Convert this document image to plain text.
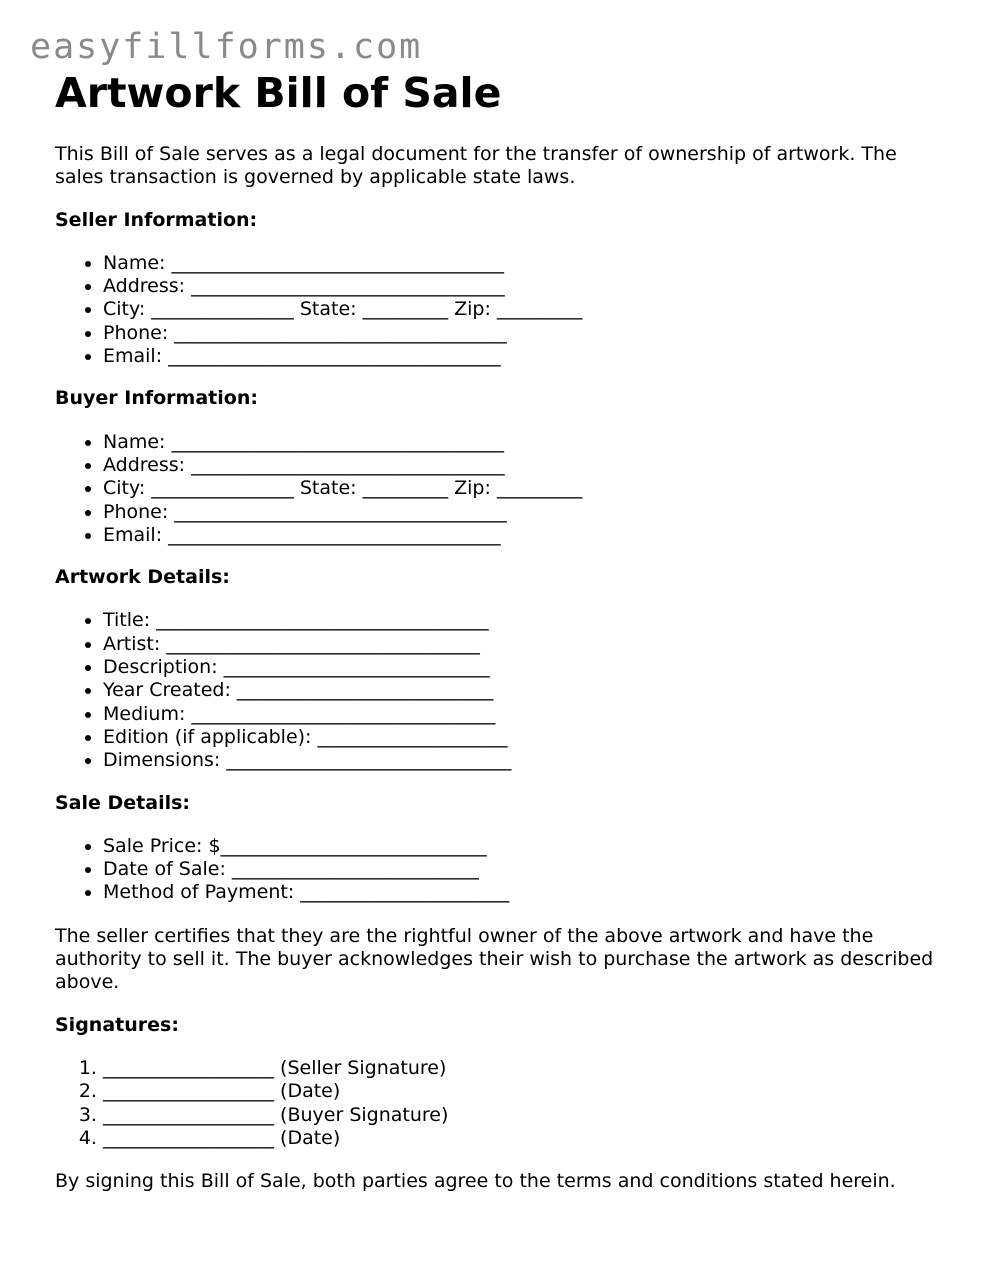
easyfillforms.com
Artwork Bill of Sale

This Bill of Sale serves as a legal document for the transfer of ownership of artwork. The sales transaction is governed by applicable state laws.

Seller Information:
• Name: ___________________________________
• Address: _________________________________
• City: _______________ State: _________ Zip: _________
• Phone: ___________________________________
• Email: ___________________________________
Buyer Information:
• Name: ___________________________________
• Address: _________________________________
• City: _______________ State: _________ Zip: _________
• Phone: ___________________________________
• Email: ___________________________________
Artwork Details:
• Title: ___________________________________
• Artist: _________________________________
• Description: ____________________________
• Year Created: ___________________________
• Medium: ________________________________
• Edition (if applicable): ____________________
• Dimensions: ______________________________
Sale Details:
• Sale Price: $____________________________
• Date of Sale: __________________________
• Method of Payment: ______________________

The seller certifies that they are the rightful owner of the above artwork and have the authority to sell it. The buyer acknowledges their wish to purchase the artwork as described above.

Signatures:
1. __________________ (Seller Signature)
2. __________________ (Date)
3. __________________ (Buyer Signature)
4. __________________ (Date)

By signing this Bill of Sale, both parties agree to the terms and conditions stated herein.
